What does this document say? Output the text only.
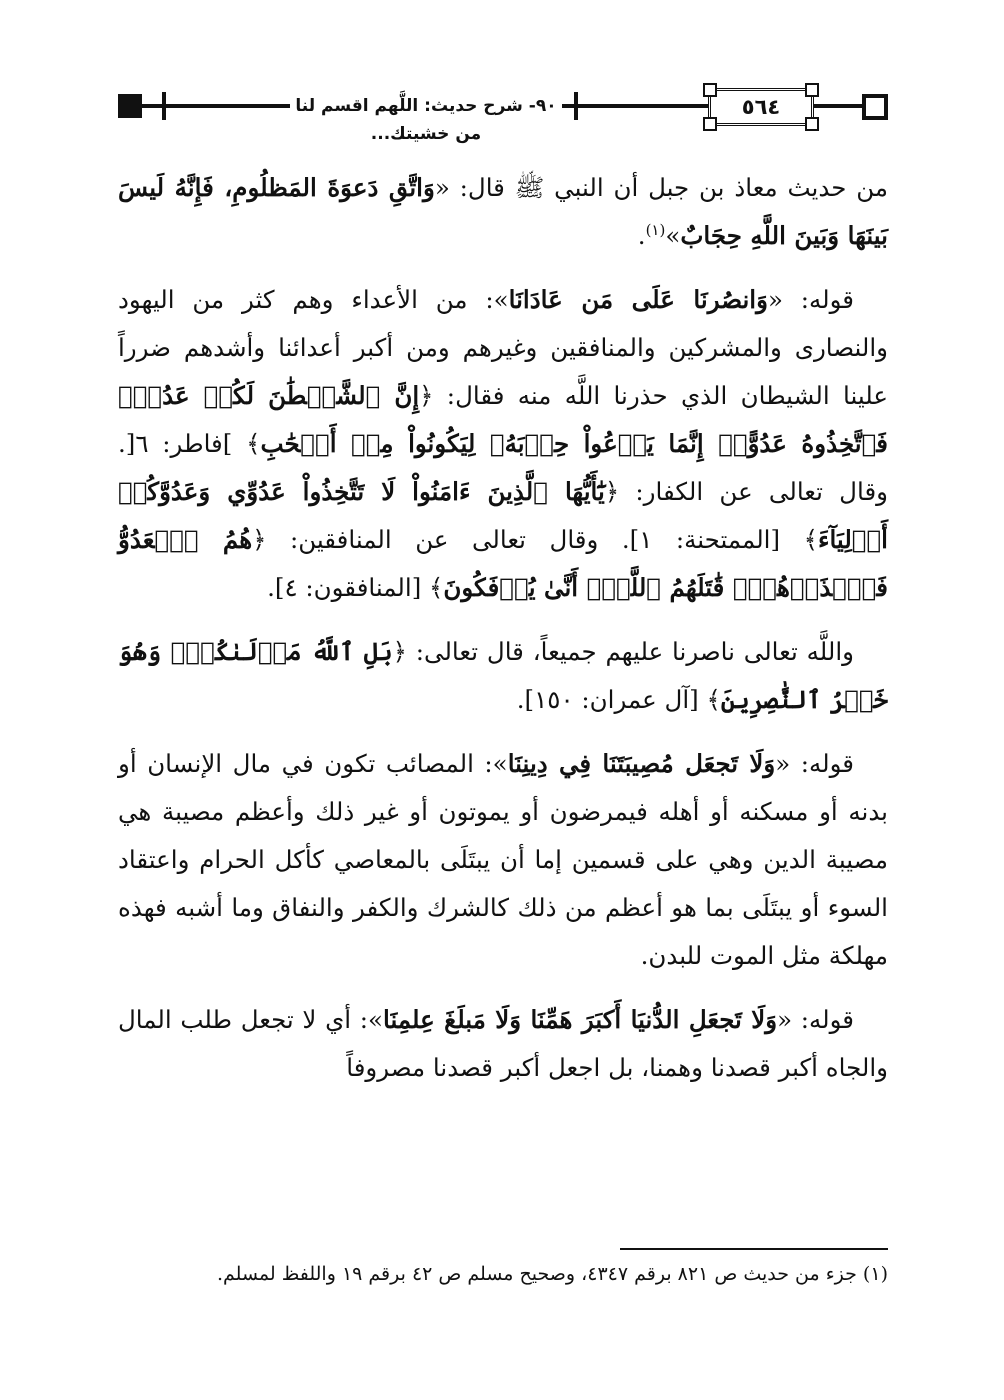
٩٠- شرح حديث: اللَّهم اقسم لنا من خشيتك...
٥٦٤

من حديث معاذ بن جبل أن النبي ﷺ قال: «وَاتَّقِ دَعوَةَ المَظلُومِ، فَإِنَّهُ لَيسَ بَينَهَا وَبَينَ اللَّهِ حِجَابٌ»$^{(١)}$.

قوله: «وَانصُرنَا عَلَى مَن عَادَانَا»: من الأعداء وهم كثر من اليهود والنصارى والمشركين والمنافقين وغيرهم ومن أكبر أعدائنا وأشدهم ضرراً علينا الشيطان الذي حذرنا اللَّه منه فقال: ﴿إِنَّ ٱلشَّيۡطَٰنَ لَكُمۡ عَدُوّٞ فَٱتَّخِذُوهُ عَدُوًّاۚ إِنَّمَا يَدۡعُواْ حِزۡبَهُۥ لِيَكُونُواْ مِنۡ أَصۡحَٰبِ﴾ ]فاطر: ٦[. وقال تعالى عن الكفار: ﴿يَٰٓأَيُّهَا ٱلَّذِينَ ءَامَنُواْ لَا تَتَّخِذُواْ عَدُوِّي وَعَدُوَّكُمۡ أَوۡلِيَآءَ﴾ [الممتحنة: ١]. وقال تعالى عن المنافقين: ﴿هُمُ ٱلۡعَدُوُّ فَٱحۡذَرۡهُمۡۚ قَٰتَلَهُمُ ٱللَّهُۖ أَنَّىٰ يُؤۡفَكُونَ﴾ [المنافقون: ٤].

واللَّه تعالى ناصرنا عليهم جميعاً، قال تعالى: ﴿بَلِ ٱللَّهُ مَوۡلَىٰكُمۡۖ وَهُوَ خَيۡرُ ٱلنَّٰصِرِينَ﴾ [آل عمران: ١٥٠].

قوله: «وَلَا تَجعَل مُصِيبَتَنَا فِي دِينِنَا»: المصائب تكون في مال الإنسان أو بدنه أو مسكنه أو أهله فيمرضون أو يموتون أو غير ذلك وأعظم مصيبة هي مصيبة الدين وهي على قسمين إما أن يبتَلَى بالمعاصي كأكل الحرام واعتقاد السوء أو يبتَلَى بما هو أعظم من ذلك كالشرك والكفر والنفاق وما أشبه فهذه مهلكة مثل الموت للبدن.

قوله: «وَلَا تَجعَلِ الدُّنيَا أَكبَرَ هَمِّنَا وَلَا مَبلَغَ عِلمِنَا»: أي لا تجعل طلب المال والجاه أكبر قصدنا وهمنا، بل اجعل أكبر قصدنا مصروفاً

(١) جزء من حديث ص ٨٢١ برقم ٤٣٤٧، وصحيح مسلم ص ٤٢ برقم ١٩ واللفظ لمسلم.
